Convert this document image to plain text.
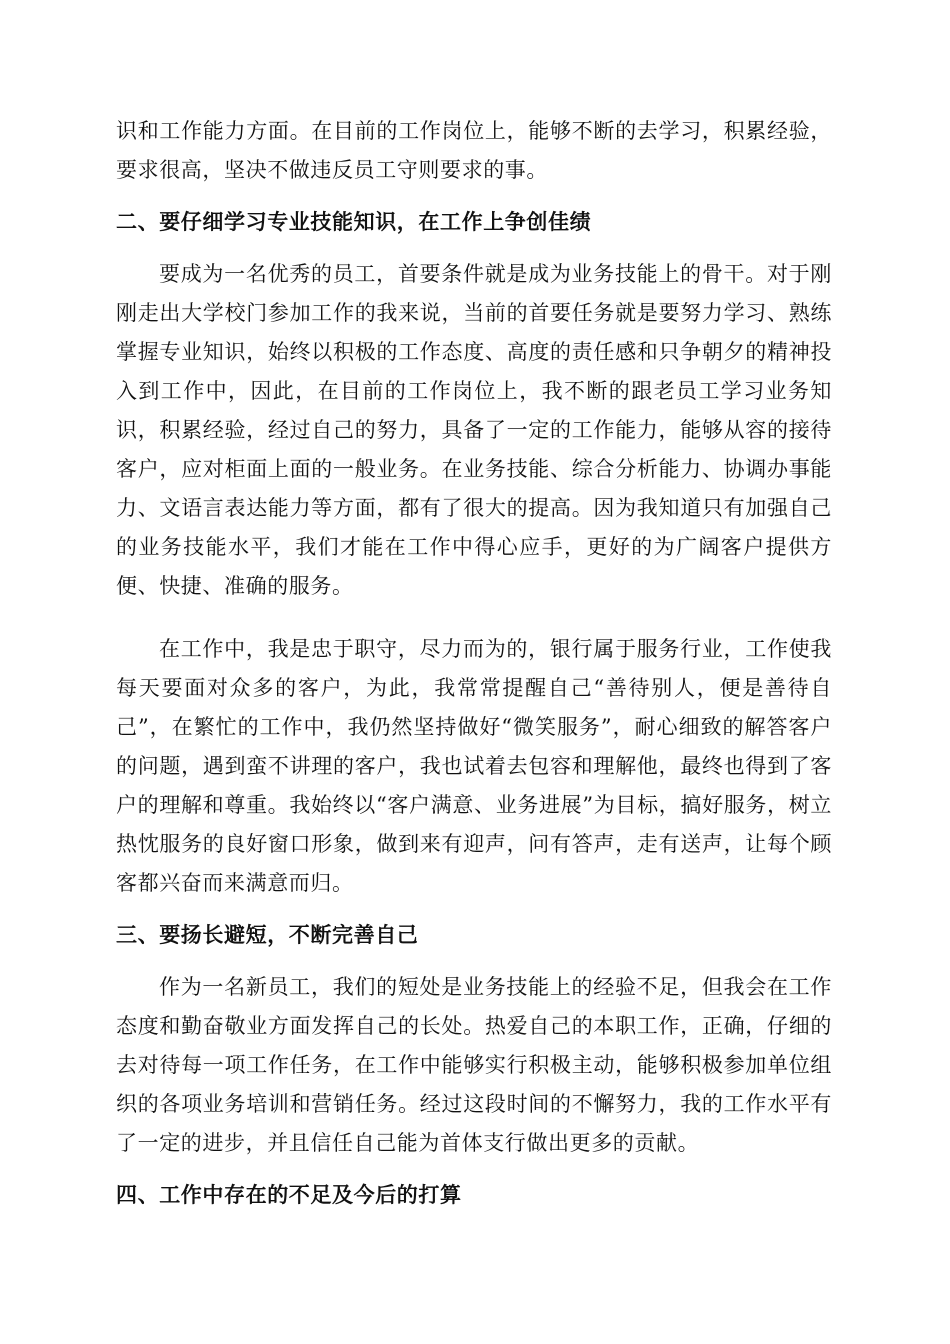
识和工作能力方面。在目前的工作岗位上，能够不断的去学习，积累经验，要求很高，坚决不做违反员工守则要求的事。

二、要仔细学习专业技能知识，在工作上争创佳绩

要成为一名优秀的员工，首要条件就是成为业务技能上的骨干。对于刚刚走出大学校门参加工作的我来说，当前的首要任务就是要努力学习、熟练掌握专业知识，始终以积极的工作态度、高度的责任感和只争朝夕的精神投入到工作中，因此，在目前的工作岗位上，我不断的跟老员工学习业务知识，积累经验，经过自己的努力，具备了一定的工作能力，能够从容的接待客户，应对柜面上面的一般业务。在业务技能、综合分析能力、协调办事能力、文语言表达能力等方面，都有了很大的提高。因为我知道只有加强自己的业务技能水平，我们才能在工作中得心应手，更好的为广阔客户提供方便、快捷、准确的服务。

在工作中，我是忠于职守，尽力而为的，银行属于服务行业，工作使我每天要面对众多的客户，为此，我常常提醒自己“善待别人，便是善待自己”，在繁忙的工作中，我仍然坚持做好“微笑服务”，耐心细致的解答客户的问题，遇到蛮不讲理的客户，我也试着去包容和理解他，最终也得到了客户的理解和尊重。我始终以“客户满意、业务进展”为目标，搞好服务，树立热忱服务的良好窗口形象，做到来有迎声，问有答声，走有送声，让每个顾客都兴奋而来满意而归。

三、要扬长避短，不断完善自己

作为一名新员工，我们的短处是业务技能上的经验不足，但我会在工作态度和勤奋敬业方面发挥自己的长处。热爱自己的本职工作，正确，仔细的去对待每一项工作任务，在工作中能够实行积极主动，能够积极参加单位组织的各项业务培训和营销任务。经过这段时间的不懈努力，我的工作水平有了一定的进步，并且信任自己能为首体支行做出更多的贡献。

四、工作中存在的不足及今后的打算
